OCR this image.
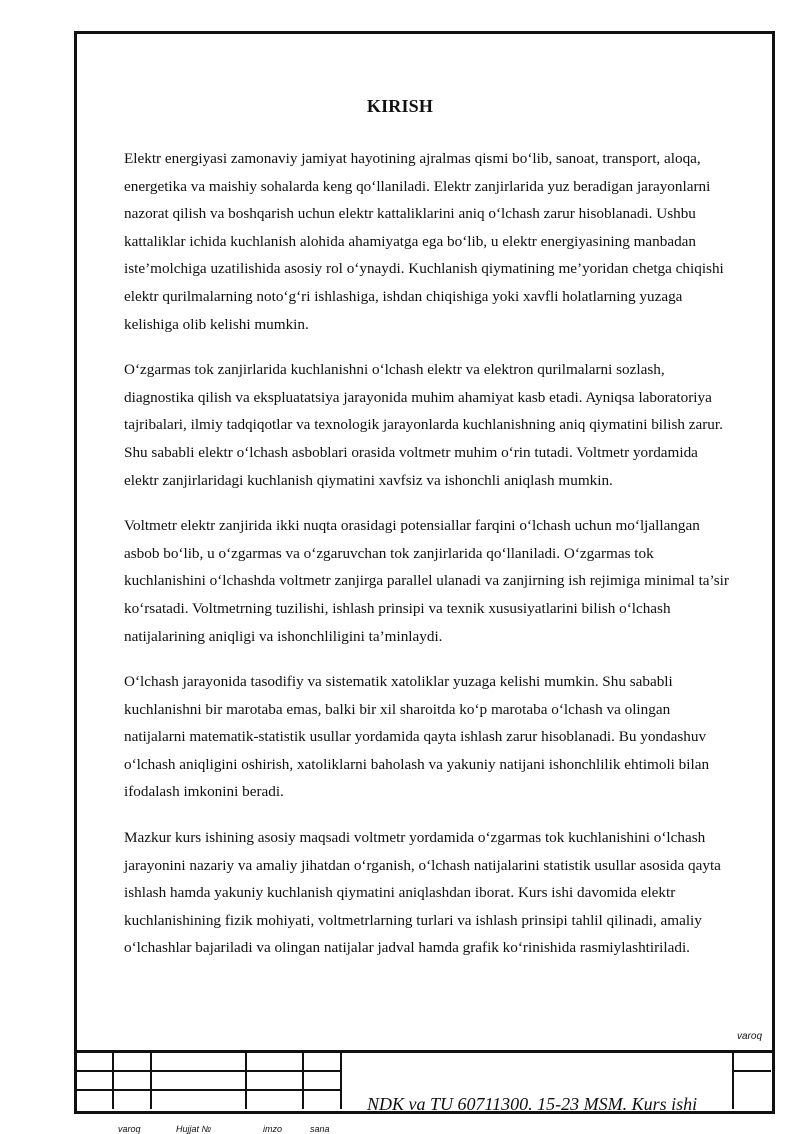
KIRISH

Elektr energiyasi zamonaviy jamiyat hayotining ajralmas qismi bo‘lib, sanoat, transport, aloqa, energetika va maishiy sohalarda keng qo‘llaniladi. Elektr zanjirlarida yuz beradigan jarayonlarni nazorat qilish va boshqarish uchun elektr kattaliklarini aniq o‘lchash zarur hisoblanadi. Ushbu kattaliklar ichida kuchlanish alohida ahamiyatga ega bo‘lib, u elektr energiyasining manbadan iste’molchiga uzatilishida asosiy rol o‘ynaydi. Kuchlanish qiymatining me’yoridan chetga chiqishi elektr qurilmalarning noto‘g‘ri ishlashiga, ishdan chiqishiga yoki xavfli holatlarning yuzaga kelishiga olib kelishi mumkin.

O‘zgarmas tok zanjirlarida kuchlanishni o‘lchash elektr va elektron qurilmalarni sozlash, diagnostika qilish va ekspluatatsiya jarayonida muhim ahamiyat kasb etadi. Ayniqsa laboratoriya tajribalari, ilmiy tadqiqotlar va texnologik jarayonlarda kuchlanishning aniq qiymatini bilish zarur. Shu sababli elektr o‘lchash asboblari orasida voltmetr muhim o‘rin tutadi. Voltmetr yordamida elektr zanjirlaridagi kuchlanish qiymatini xavfsiz va ishonchli aniqlash mumkin.

Voltmetr elektr zanjirida ikki nuqta orasidagi potensiallar farqini o‘lchash uchun mo‘ljallangan asbob bo‘lib, u o‘zgarmas va o‘zgaruvchan tok zanjirlarida qo‘llaniladi. O‘zgarmas tok kuchlanishini o‘lchashda voltmetr zanjirga parallel ulanadi va zanjirning ish rejimiga minimal ta’sir ko‘rsatadi. Voltmetrning tuzilishi, ishlash prinsipi va texnik xususiyatlarini bilish o‘lchash natijalarining aniqligi va ishonchliligini ta’minlaydi.

O‘lchash jarayonida tasodifiy va sistematik xatoliklar yuzaga kelishi mumkin. Shu sababli kuchlanishni bir marotaba emas, balki bir xil sharoitda ko‘p marotaba o‘lchash va olingan natijalarni matematik-statistik usullar yordamida qayta ishlash zarur hisoblanadi. Bu yondashuv o‘lchash aniqligini oshirish, xatoliklarni baholash va yakuniy natijani ishonchlilik ehtimoli bilan ifodalash imkonini beradi.

Mazkur kurs ishining asosiy maqsadi voltmetr yordamida o‘zgarmas tok kuchlanishini o‘lchash jarayonini nazariy va amaliy jihatdan o‘rganish, o‘lchash natijalarini statistik usullar asosida qayta ishlash hamda yakuniy kuchlanish qiymatini aniqlashdan iborat. Kurs ishi davomida elektr kuchlanishining fizik mohiyati, voltmetrlarning turlari va ishlash prinsipi tahlil qilinadi, amaliy o‘lchashlar bajariladi va olingan natijalar jadval hamda grafik ko‘rinishida rasmiylashtiriladi.

varoq
NDK va TU 60711300. 15-23 MSM. Kurs ishi
varoq	Hujjat №	imzo	sana
